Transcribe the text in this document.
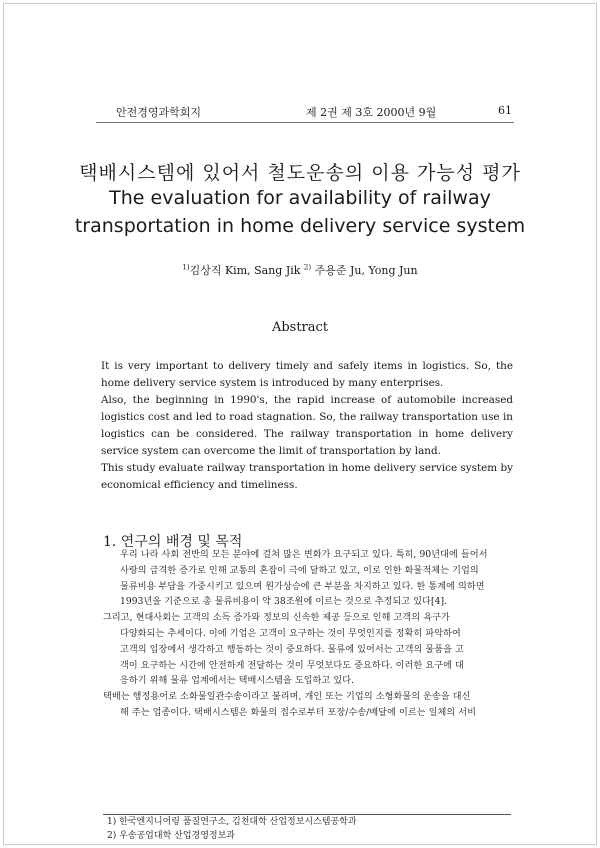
안전경영과학회지	제 2권 제 3호 2000년 9월	61
택배시스템에 있어서 철도운송의 이용 가능성 평가
The evaluation for availability of railway
transportation in home delivery service system
$^{1)}$김상직 Kim, Sang Jik $^{2)}$ 주용준 Ju, Yong Jun
Abstract

It is very important to delivery timely and safely items in logistics. So, the home delivery service system is introduced by many enterprises.

Also, the beginning in 1990's, the rapid increase of automobile increased logistics cost and led to road stagnation. So, the railway transportation use in logistics can be considered. The railway transportation in home delivery service system can overcome the limit of transportation by land.

This study evaluate railway transportation in home delivery service system by economical efficiency and timeliness.

1. 연구의 배경 및 목적
우리 나라 사회 전반의 모든 분야에 걸쳐 많은 변화가 요구되고 있다. 특히, 90년대에 들어서
사랑의 급격한 증가로 인해 교통의 혼잡이 극에 달하고 있고, 이로 인한 화물적체는 기업의
물류비용 부담을 가중시키고 있으며 원가상승에 큰 부분을 차지하고 있다. 한 통계에 의하면
1993년을 기준으로 총 물류비용이 약 38조원에 이르는 것으로 추정되고 있다[4].
그리고, 현대사회는 고객의 소득 증가와 정보의 신속한 제공 등으로 인해 고객의 욕구가
다양화되는 추세이다. 이에 기업은 고객이 요구하는 것이 무엇인지를 정확히 파악하여
고객의 입장에서 생각하고 행동하는 것이 중요하다. 물류에 있어서는 고객의 물품을 고
객이 요구하는 시간에 안전하게 전달하는 것이 무엇보다도 중요하다. 이러한 요구에 대
응하기 위해 물류 업계에서는 택배시스템을 도입하고 있다.
택배는 행정용어로 소화물일관수송이라고 불리며, 개인 또는 기업의 소형화물의 운송을 대신
해 주는 업종이다. 택배시스템은 화물의 접수로부터 포장/수송/배달에 이르는 일체의 서비
1) 한국엔지니어링 품질연구소, 김천대학 산업정보시스템공학과
2) 우송공업대학 산업경영정보과
